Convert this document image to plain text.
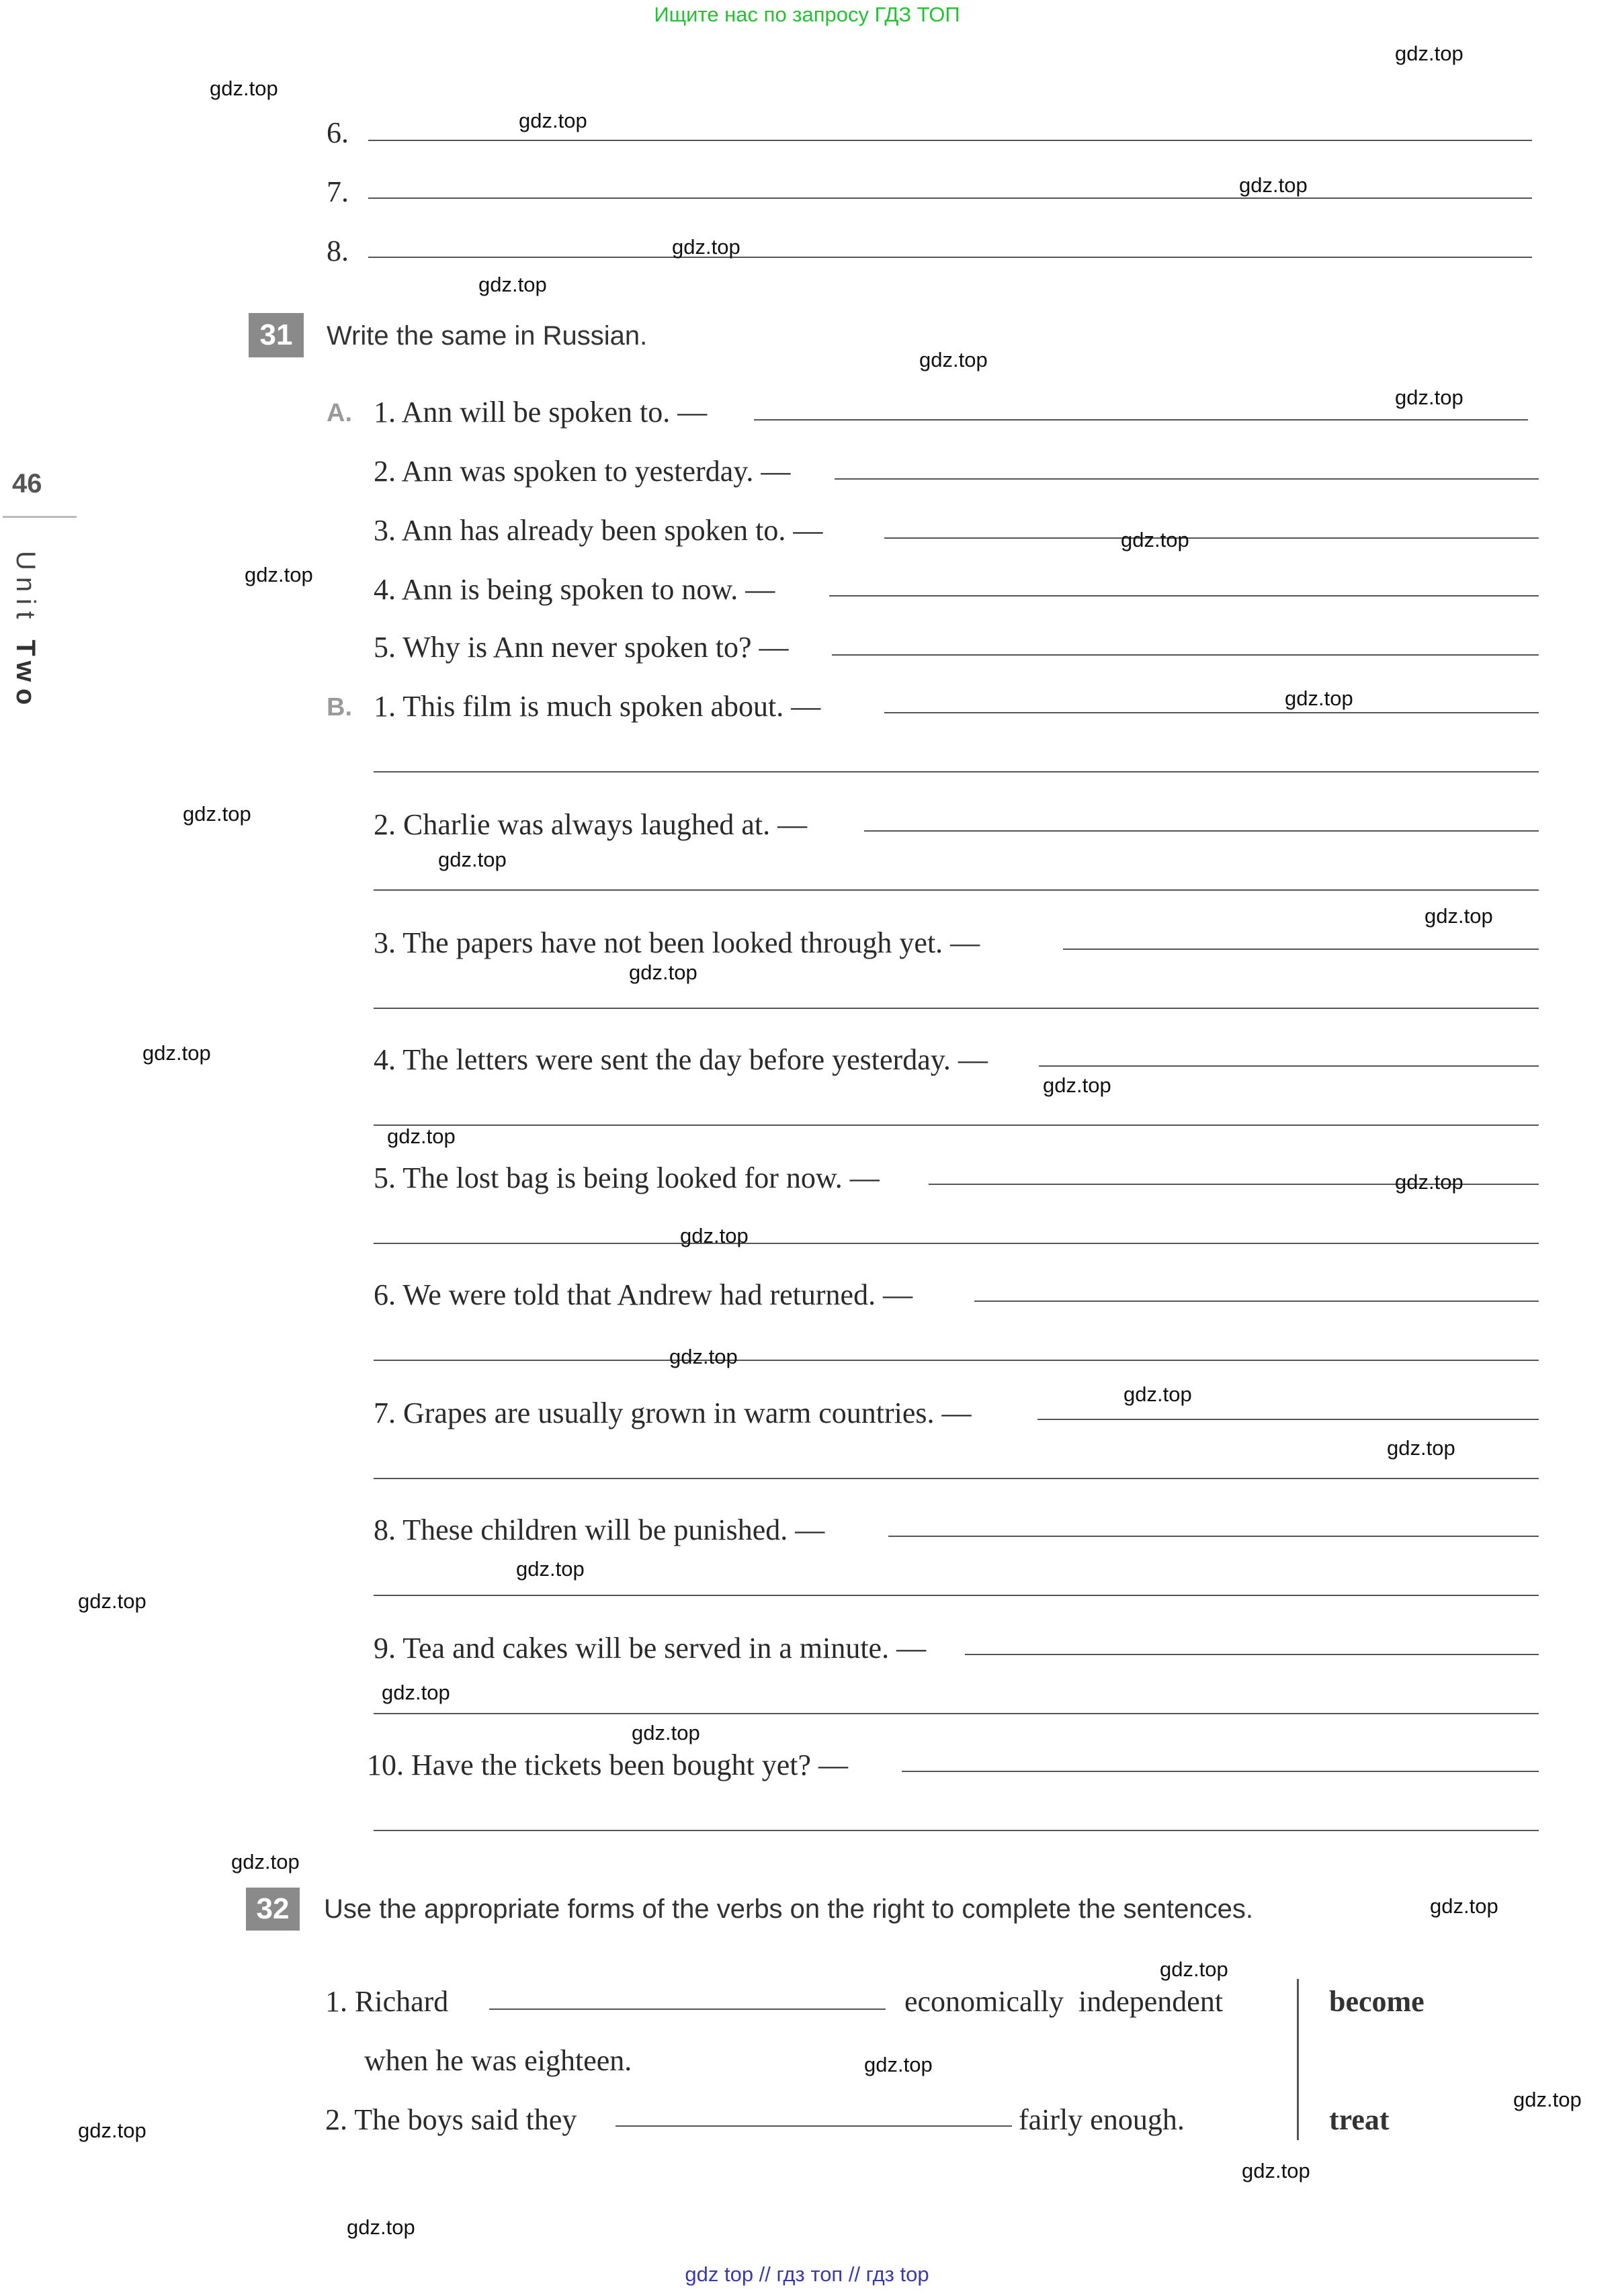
Ищите нас по запросу ГДЗ ТОП
46
Unit Two
6.
7.
8.
31	Write the same in Russian.
A. 1. Ann will be spoken to. —
2. Ann was spoken to yesterday. —
3. Ann has already been spoken to. —
4. Ann is being spoken to now. —
5. Why is Ann never spoken to? —
B. 1. This film is much spoken about. —
2. Charlie was always laughed at. —
3. The papers have not been looked through yet. —
4. The letters were sent the day before yesterday. —
5. The lost bag is being looked for now. —
6. We were told that Andrew had returned. —
7. Grapes are usually grown in warm countries. —
8. These children will be punished. —
9. Tea and cakes will be served in a minute. —
10. Have the tickets been bought yet? —
32	Use the appropriate forms of the verbs on the right to complete the sentences.
1. Richard	economically  independent
when he was eighteen.
2. The boys said they	fairly enough.
become
treat
gdz.top
gdz.top
gdz.top
gdz.top
gdz.top
gdz.top
gdz.top
gdz.top
gdz.top
gdz.top
gdz.top
gdz.top
gdz.top
gdz.top
gdz.top
gdz.top
gdz.top
gdz.top
gdz.top
gdz.top
gdz.top
gdz.top
gdz.top
gdz.top
gdz.top
gdz.top
gdz.top
gdz.top
gdz.top
gdz.top
gdz.top
gdz.top
gdz.top
gdz.top
gdz.top
gdz top // гдз топ // гдз top
